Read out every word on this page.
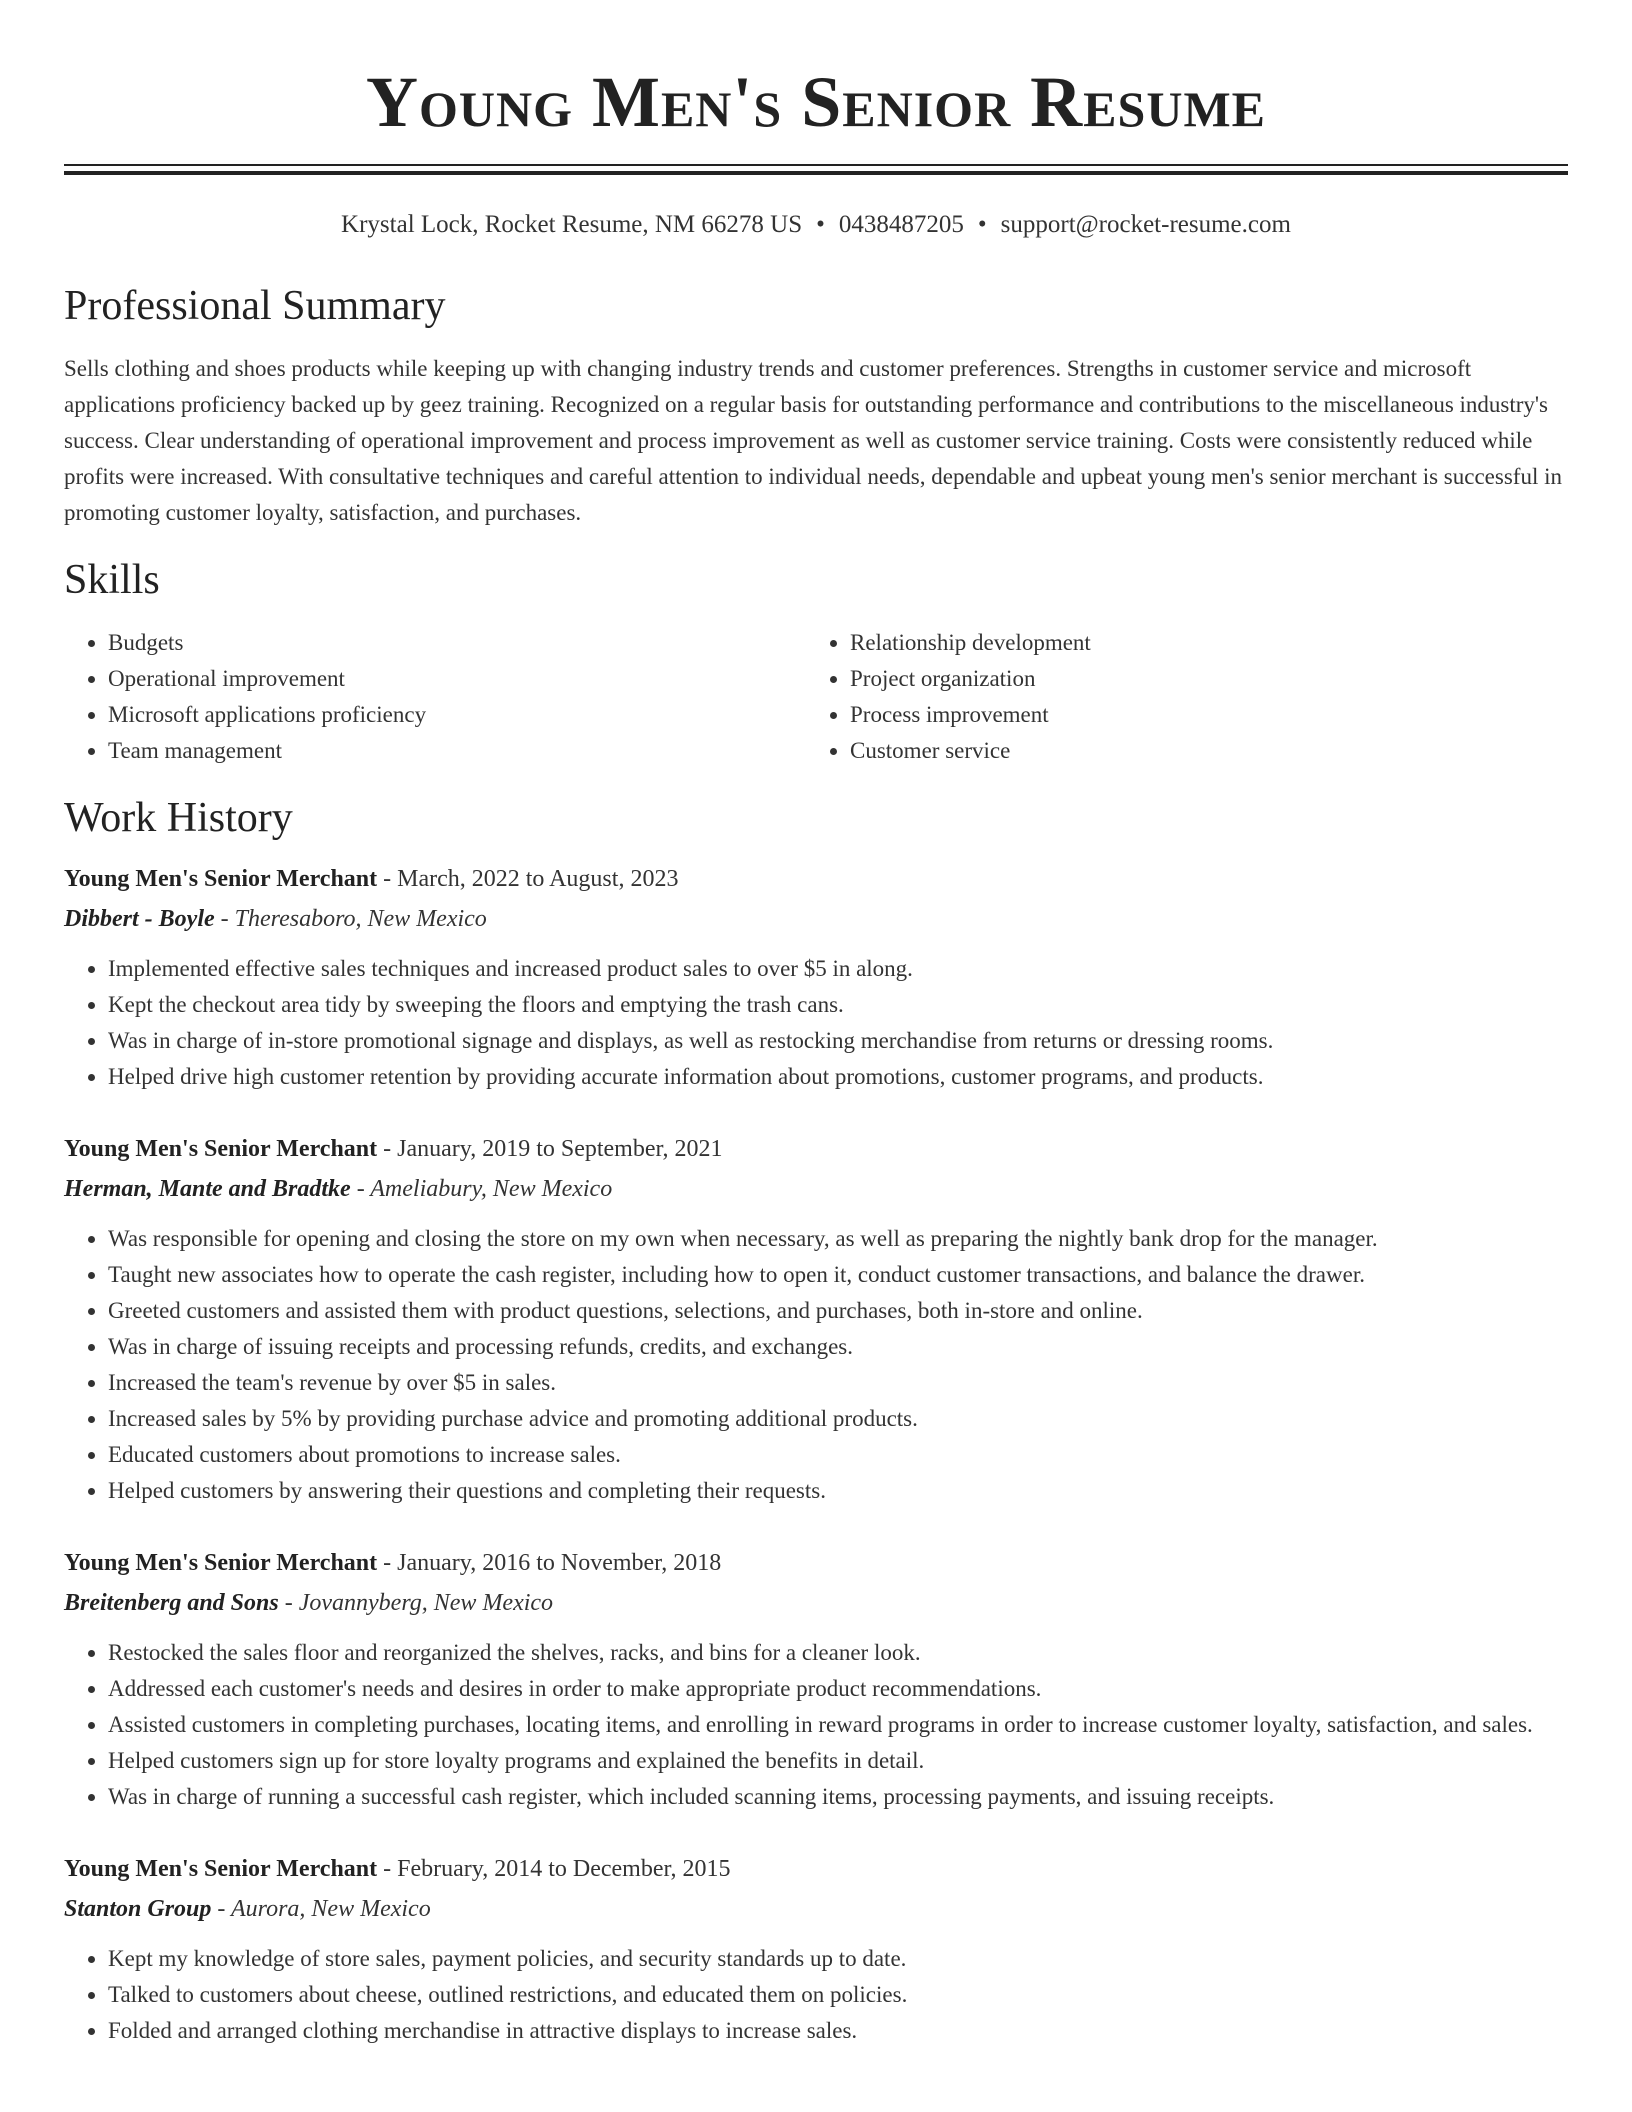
Young Men's Senior Resume
Krystal Lock, Rocket Resume, NM 66278 US • 0438487205 • support@rocket-resume.com
Professional Summary

Sells clothing and shoes products while keeping up with changing industry trends and customer preferences. Strengths in customer service and microsoft applications proficiency backed up by geez training. Recognized on a regular basis for outstanding performance and contributions to the miscellaneous industry's success. Clear understanding of operational improvement and process improvement as well as customer service training. Costs were consistently reduced while profits were increased. With consultative techniques and careful attention to individual needs, dependable and upbeat young men's senior merchant is successful in promoting customer loyalty, satisfaction, and purchases.

Skills
• Budgets
• Operational improvement
• Microsoft applications proficiency
• Team management
• Relationship development
• Project organization
• Process improvement
• Customer service
Work History
Young Men's Senior Merchant - March, 2022 to August, 2023
Dibbert - Boyle - Theresaboro, New Mexico
• Implemented effective sales techniques and increased product sales to over $5 in along.
• Kept the checkout area tidy by sweeping the floors and emptying the trash cans.
• Was in charge of in-store promotional signage and displays, as well as restocking merchandise from returns or dressing rooms.
• Helped drive high customer retention by providing accurate information about promotions, customer programs, and products.
Young Men's Senior Merchant - January, 2019 to September, 2021
Herman, Mante and Bradtke - Ameliabury, New Mexico
• Was responsible for opening and closing the store on my own when necessary, as well as preparing the nightly bank drop for the manager.
• Taught new associates how to operate the cash register, including how to open it, conduct customer transactions, and balance the drawer.
• Greeted customers and assisted them with product questions, selections, and purchases, both in-store and online.
• Was in charge of issuing receipts and processing refunds, credits, and exchanges.
• Increased the team's revenue by over $5 in sales.
• Increased sales by 5% by providing purchase advice and promoting additional products.
• Educated customers about promotions to increase sales.
• Helped customers by answering their questions and completing their requests.
Young Men's Senior Merchant - January, 2016 to November, 2018
Breitenberg and Sons - Jovannyberg, New Mexico
• Restocked the sales floor and reorganized the shelves, racks, and bins for a cleaner look.
• Addressed each customer's needs and desires in order to make appropriate product recommendations.
• Assisted customers in completing purchases, locating items, and enrolling in reward programs in order to increase customer loyalty, satisfaction, and sales.
• Helped customers sign up for store loyalty programs and explained the benefits in detail.
• Was in charge of running a successful cash register, which included scanning items, processing payments, and issuing receipts.
Young Men's Senior Merchant - February, 2014 to December, 2015
Stanton Group - Aurora, New Mexico
• Kept my knowledge of store sales, payment policies, and security standards up to date.
• Talked to customers about cheese, outlined restrictions, and educated them on policies.
• Folded and arranged clothing merchandise in attractive displays to increase sales.
